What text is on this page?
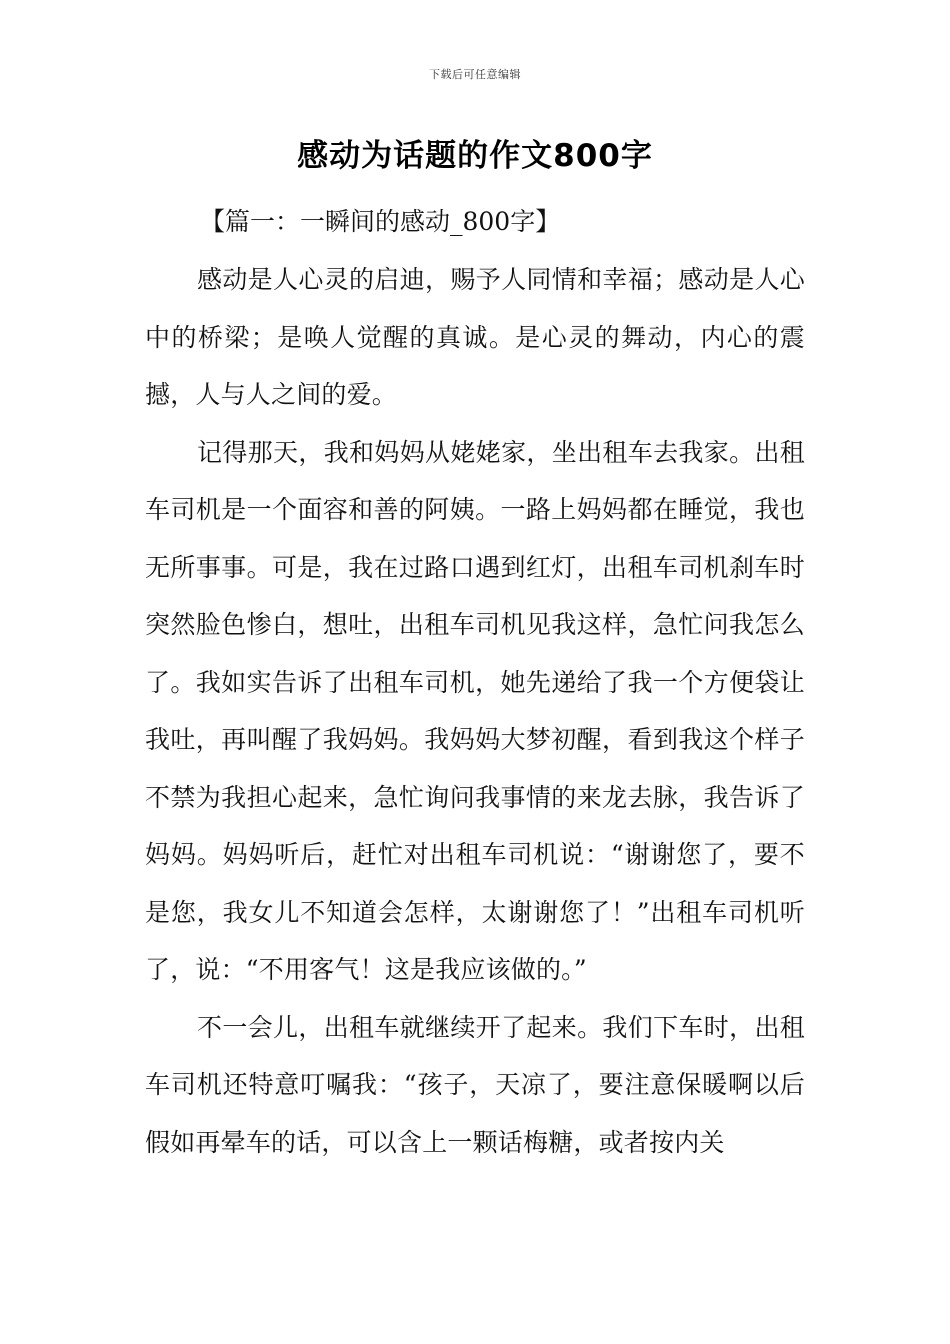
下载后可任意编辑
感动为话题的作文800字
【篇一：一瞬间的感动_800字】

感动是人心灵的启迪，赐予人同情和幸福；感动是人心中的桥梁；是唤人觉醒的真诚。是心灵的舞动，内心的震撼，人与人之间的爱。

记得那天，我和妈妈从姥姥家，坐出租车去我家。出租车司机是一个面容和善的阿姨。一路上妈妈都在睡觉，我也无所事事。可是，我在过路口遇到红灯，出租车司机刹车时突然脸色惨白，想吐，出租车司机见我这样，急忙问我怎么了。我如实告诉了出租车司机，她先递给了我一个方便袋让我吐，再叫醒了我妈妈。我妈妈大梦初醒，看到我这个样子不禁为我担心起来，急忙询问我事情的来龙去脉，我告诉了妈妈。妈妈听后，赶忙对出租车司机说：“谢谢您了，要不是您，我女儿不知道会怎样，太谢谢您了！”出租车司机听了，说：“不用客气！这是我应该做的。”

不一会儿，出租车就继续开了起来。我们下车时，出租车司机还特意叮嘱我：“孩子，天凉了，要注意保暖啊以后假如再晕车的话，可以含上一颗话梅糖，或者按内关
